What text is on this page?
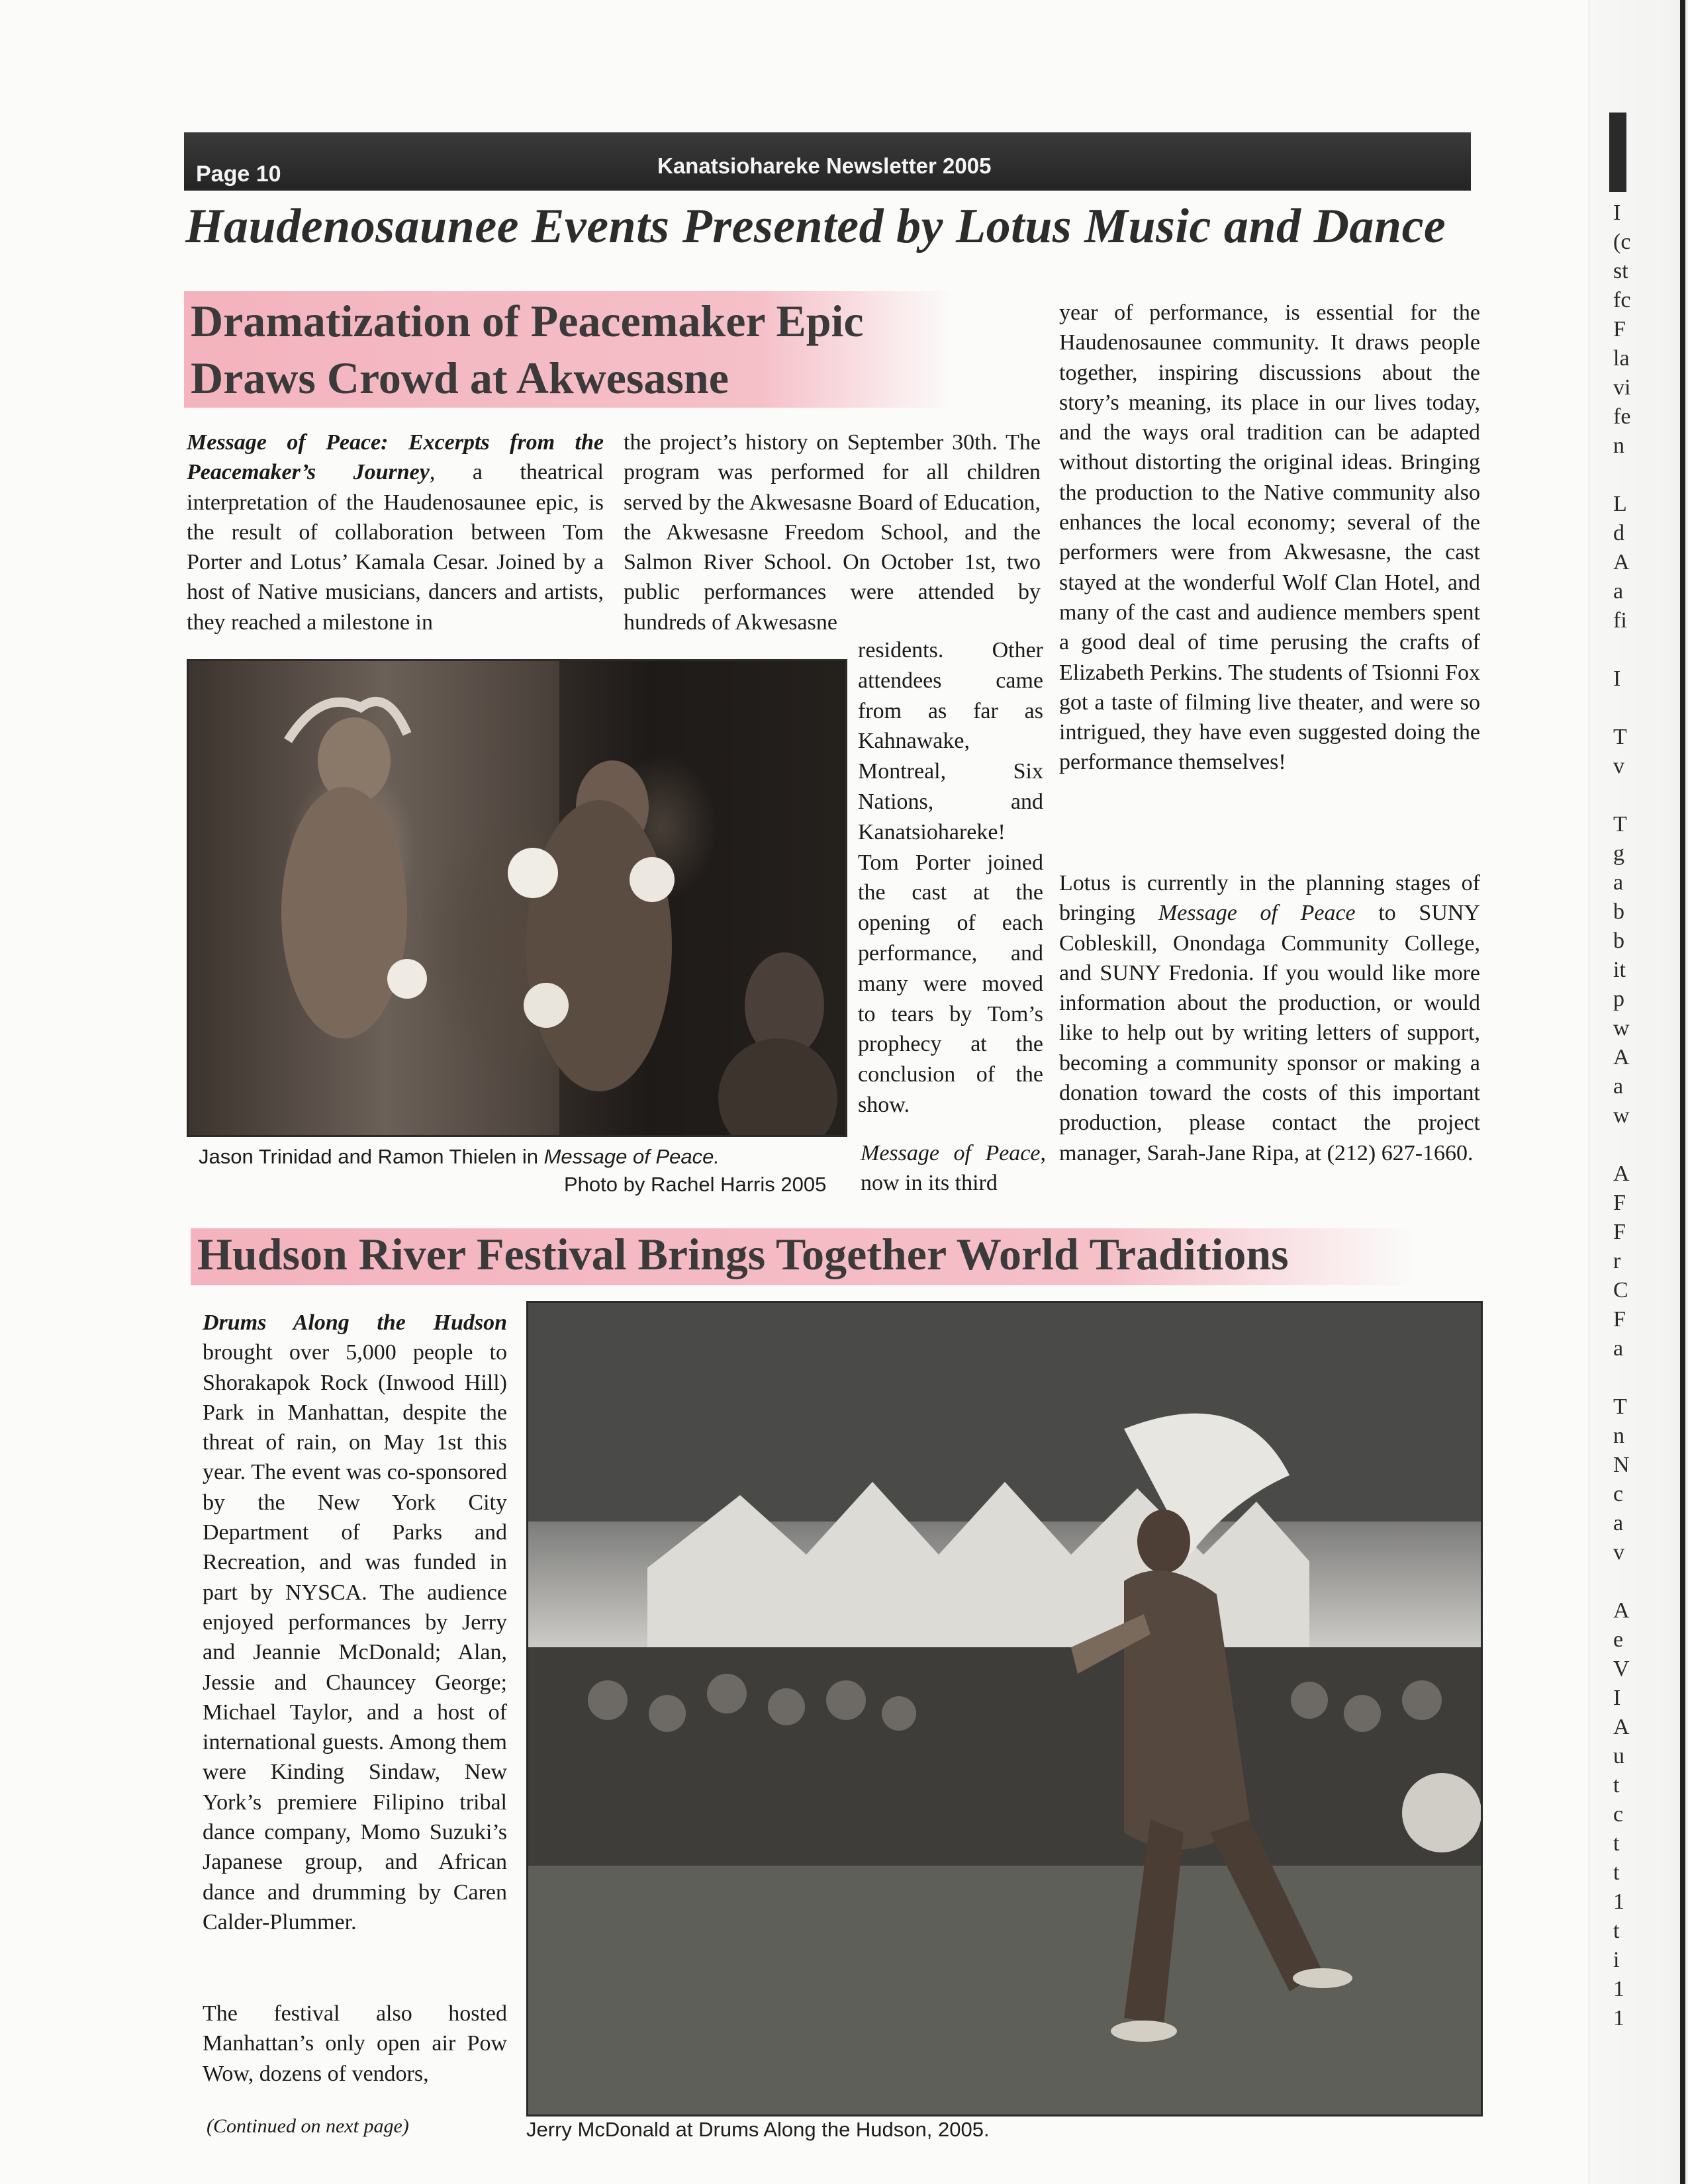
Page 10	Kanatsiohareke Newsletter 2005
Haudenosaunee Events Presented by Lotus Music and Dance
Dramatization of Peacemaker Epic
Draws Crowd at Akwesasne
Message of Peace: Excerpts from the Peacemaker’s Journey, a theatrical interpretation of the Haudenosaunee epic, is the result of collaboration between Tom Porter and Lotus’ Kamala Cesar. Joined by a host of Native musicians, dancers and artists, they reached a milestone in
the project’s history on September 30th. The program was performed for all children served by the Akwesasne Board of Education, the Akwesasne Freedom School, and the Salmon River School. On October 1st, two public performances were attended by hundreds of Akwesasne
residents. Other attendees came from as far as Kahnawake, Montreal, Six Nations, and Kanatsiohareke! Tom Porter joined the cast at the opening of each performance, and many were moved to tears by Tom’s prophecy at the conclusion of the show.
Message of Peace, now in its third
Jason Trinidad and Ramon Thielen in Message of Peace.
Photo by Rachel Harris 2005
year of performance, is essential for the Haudenosaunee community. It draws people together, inspiring discussions about the story’s meaning, its place in our lives today, and the ways oral tradition can be adapted without distorting the original ideas. Bringing the production to the Native community also enhances the local economy; several of the performers were from Akwesasne, the cast stayed at the wonderful Wolf Clan Hotel, and many of the cast and audience members spent a good deal of time perusing the crafts of Elizabeth Perkins. The students of Tsionni Fox got a taste of filming live theater, and were so intrigued, they have even suggested doing the performance themselves!
Lotus is currently in the planning stages of bringing Message of Peace to SUNY Cobleskill, Onondaga Community College, and SUNY Fredonia. If you would like more information about the production, or would like to help out by writing letters of support, becoming a community sponsor or making a donation toward the costs of this important production, please contact the project manager, Sarah-Jane Ripa, at (212) 627-1660.
Hudson River Festival Brings Together World Traditions
Drums Along the Hudson brought over 5,000 people to Shorakapok Rock (Inwood Hill) Park in Manhattan, despite the threat of rain, on May 1st this year. The event was co-sponsored by the New York City Department of Parks and Recreation, and was funded in part by NYSCA. The audience enjoyed performances by Jerry and Jeannie McDonald; Alan, Jessie and Chauncey George; Michael Taylor, and a host of international guests. Among them were Kinding Sindaw, New York’s premiere Filipino tribal dance company, Momo Suzuki’s Japanese group, and African dance and drumming by Caren Calder-Plummer.
The festival also hosted Manhattan’s only open air Pow Wow, dozens of vendors,
(Continued on next page)	Jerry McDonald at Drums Along the Hudson, 2005.
I
(c
st
fc
F
la
vi
fe
n

L
d
A
a
fi

I

T
v

T
g
a
b
b
it
p
w
A
a
w

A
F
F
r
C
F
a

T
n
N
c
a
v

A
e
V
I
A
u
t
c
t
t
1
t
i
1
1
